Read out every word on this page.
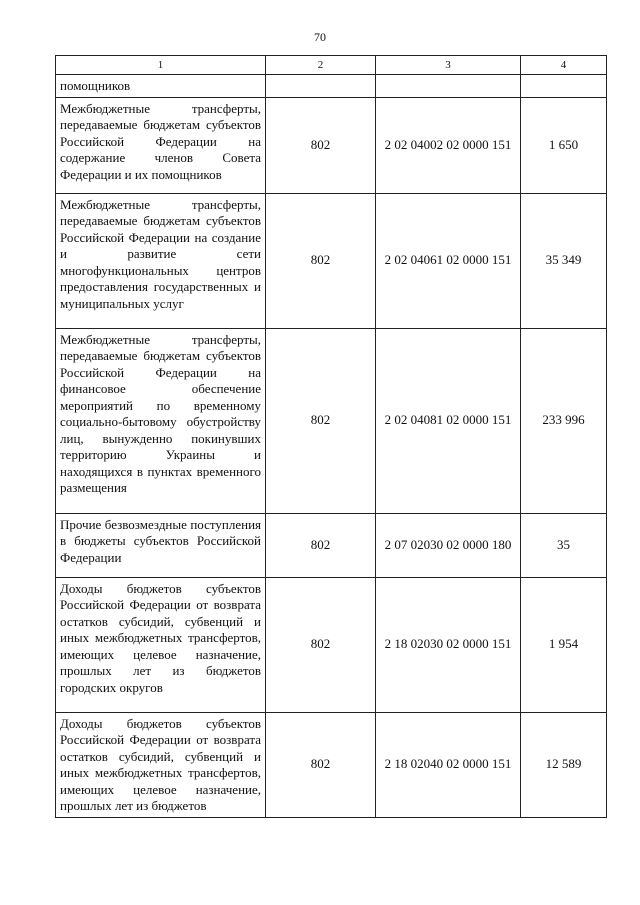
70
1	2	3	4
помощников			
Межбюджетные трансферты, передаваемые бюджетам субъектов Российской Федерации на содержание членов Совета Федерации и их помощников	802	2 02 04002 02 0000 151	1 650
Межбюджетные трансферты, передаваемые бюджетам субъектов Российской Федерации на создание и развитие сети многофункциональных центров предоставления государственных и муниципальных услуг	802	2 02 04061 02 0000 151	35 349
Межбюджетные трансферты, передаваемые бюджетам субъектов Российской Федерации на финансовое обеспечение мероприятий по временному социально-бытовому обустройству лиц, вынужденно покинувших территорию Украины и находящихся в пунктах временного размещения	802	2 02 04081 02 0000 151	233 996
Прочие безвозмездные поступления в бюджеты субъектов Российской Федерации	802	2 07 02030 02 0000 180	35
Доходы бюджетов субъектов Российской Федерации от возврата остатков субсидий, субвенций и иных межбюджетных трансфертов, имеющих целевое назначение, прошлых лет из бюджетов городских округов	802	2 18 02030 02 0000 151	1 954
Доходы бюджетов субъектов Российской Федерации от возврата остатков субсидий, субвенций и иных межбюджетных трансфертов, имеющих целевое назначение, прошлых лет из бюджетов	802	2 18 02040 02 0000 151	12 589
